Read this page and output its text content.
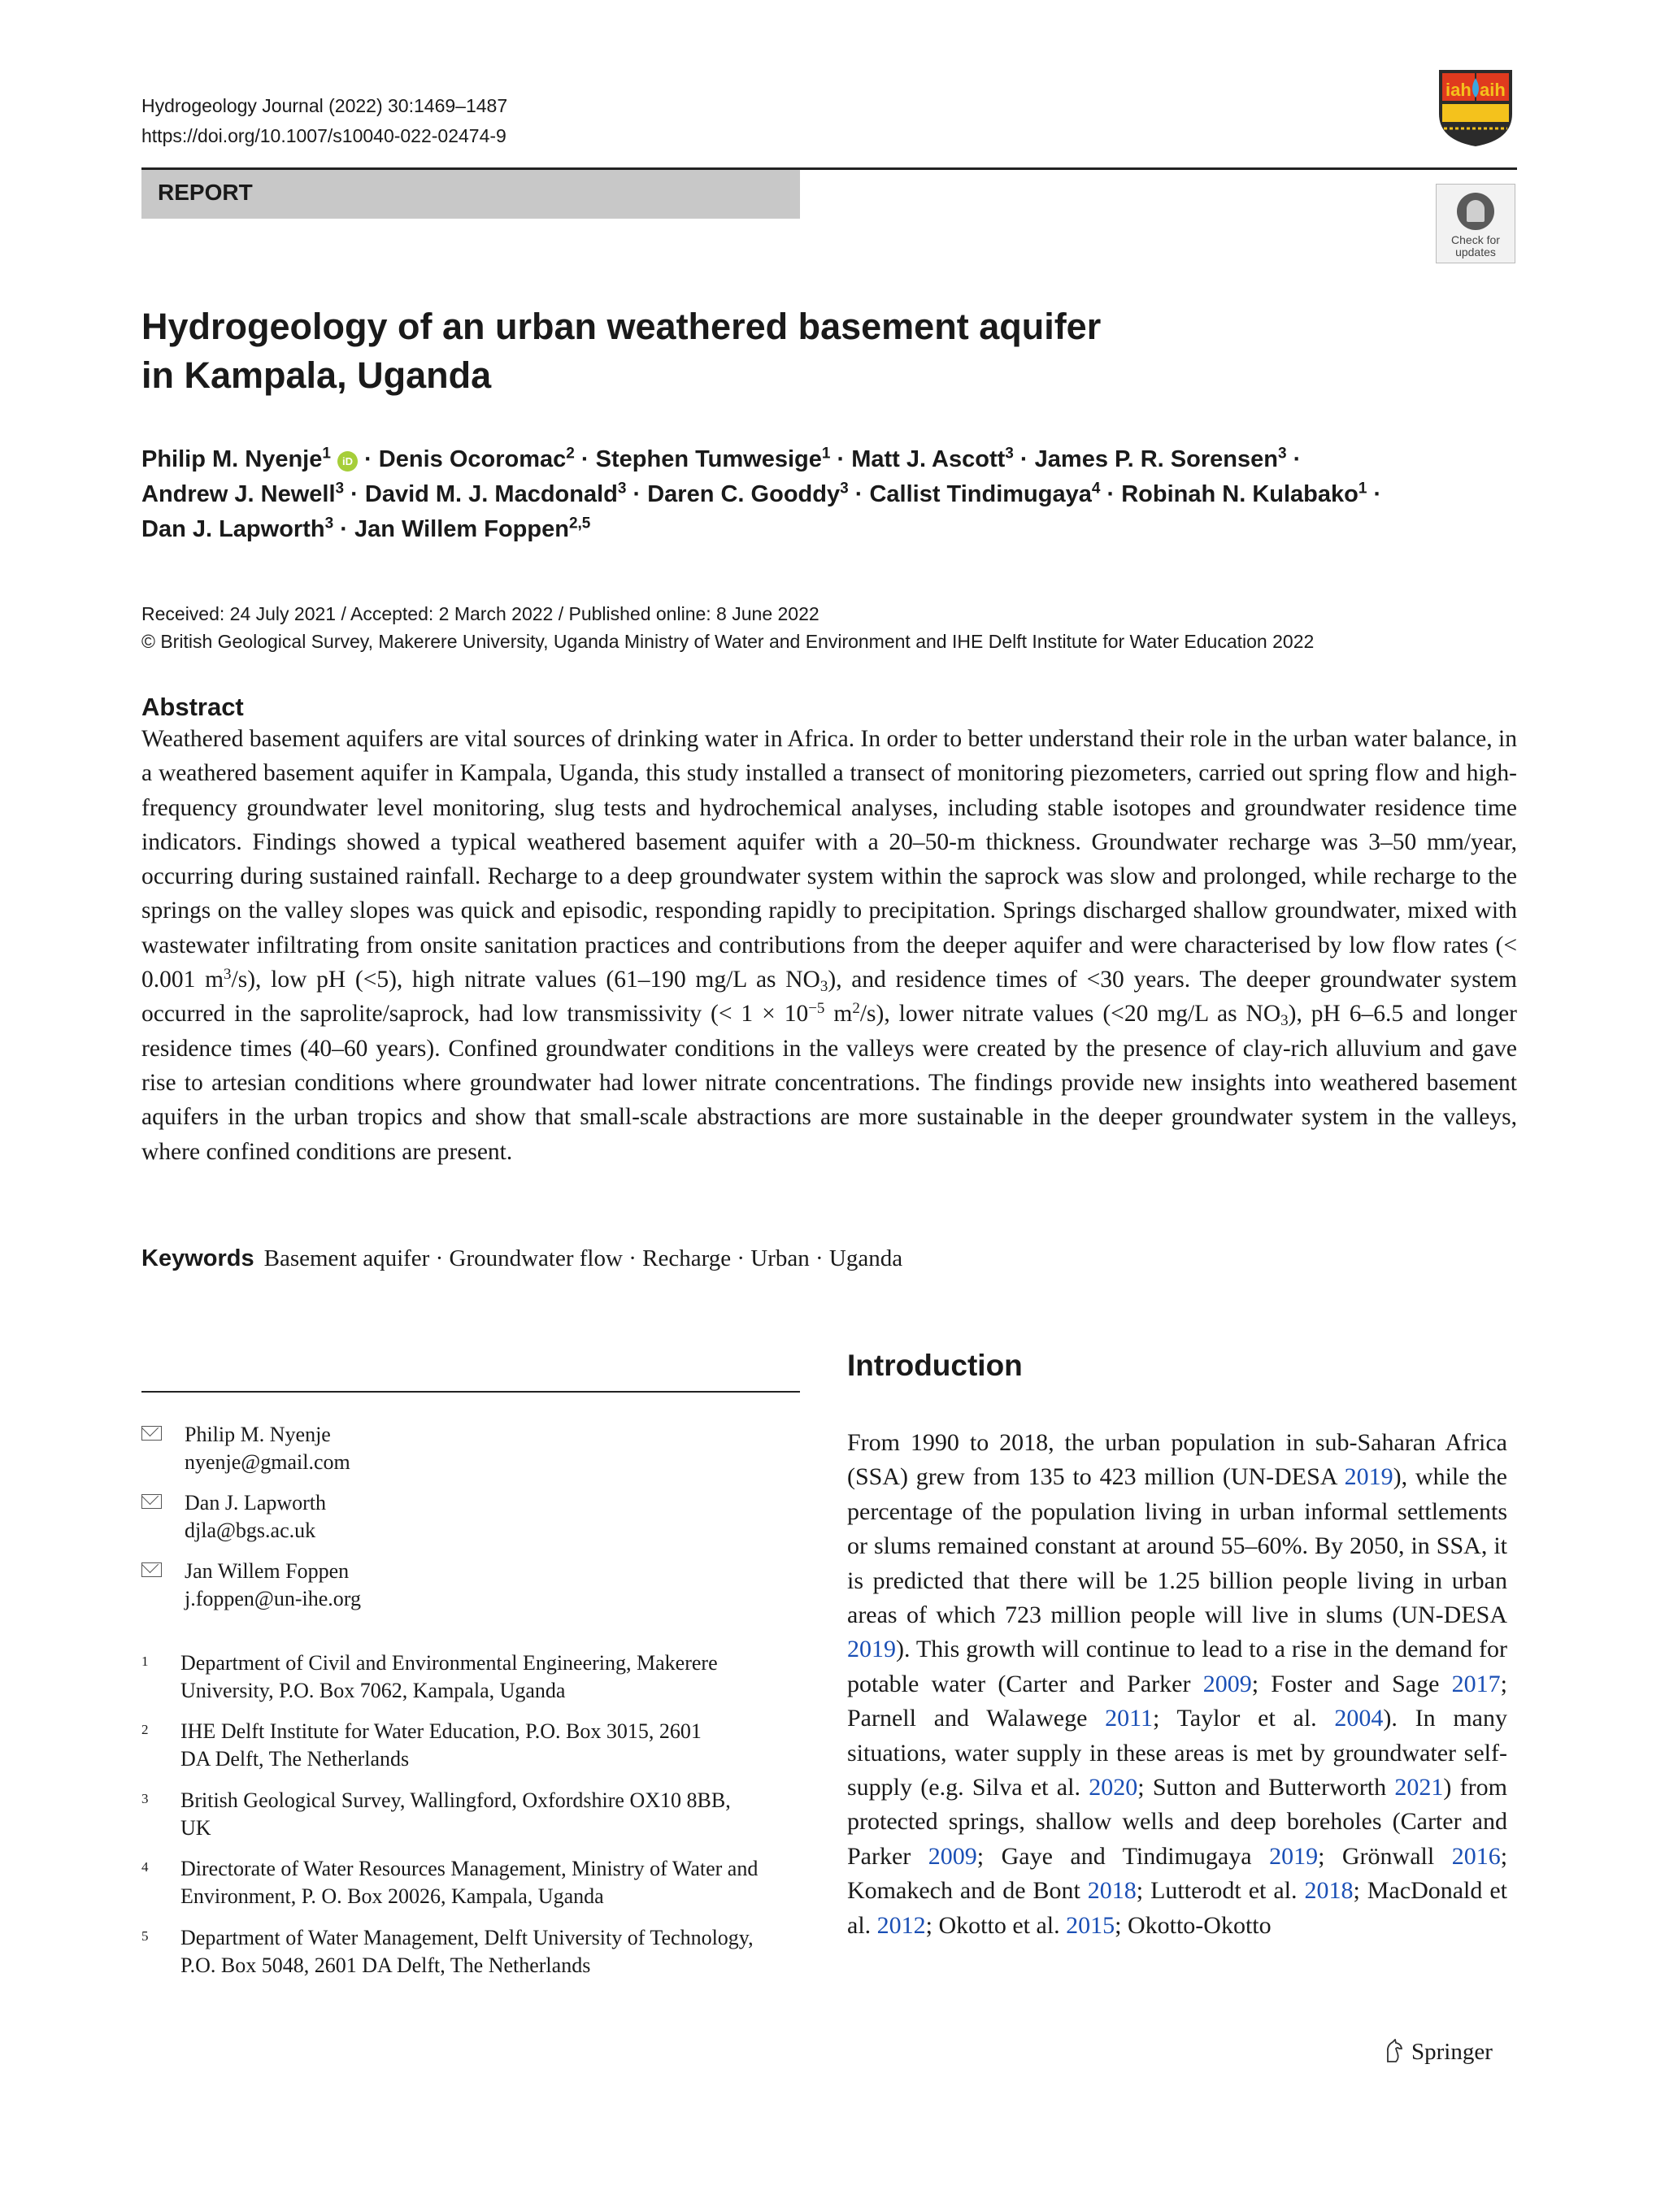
Hydrogeology Journal (2022) 30:1469–1487
https://doi.org/10.1007/s10040-022-02474-9
iah aih
REPORT
Check for updates
Hydrogeology of an urban weathered basement aquifer
in Kampala, Uganda
Philip M. Nyenje$^1$ iD · Denis Ocoromac$^2$ · Stephen Tumwesige$^1$ · Matt J. Ascott$^3$ · James P. R. Sorensen$^3$ ·
Andrew J. Newell$^3$ · David M. J. Macdonald$^3$ · Daren C. Gooddy$^3$ · Callist Tindimugaya$^4$ · Robinah N. Kulabako$^1$ ·
Dan J. Lapworth$^3$ · Jan Willem Foppen$^{2,5}$
Received: 24 July 2021 / Accepted: 2 March 2022 / Published online: 8 June 2022
© British Geological Survey, Makerere University, Uganda Ministry of Water and Environment and IHE Delft Institute for Water Education 2022
Abstract

Weathered basement aquifers are vital sources of drinking water in Africa. In order to better understand their role in the urban water balance, in a weathered basement aquifer in Kampala, Uganda, this study installed a transect of monitoring piezometers, carried out spring flow and high-frequency groundwater level monitoring, slug tests and hydrochemical analyses, including stable isotopes and groundwater residence time indicators. Findings showed a typical weathered basement aquifer with a 20–50-m thickness. Groundwater recharge was 3–50 mm/year, occurring during sustained rainfall. Recharge to a deep groundwater system within the saprock was slow and prolonged, while recharge to the springs on the valley slopes was quick and episodic, responding rapidly to precipitation. Springs discharged shallow groundwater, mixed with wastewater infiltrating from onsite sanitation practices and contributions from the deeper aquifer and were characterised by low flow rates (< 0.001 $m^3/s$), low pH (<5), high nitrate values (61–190 mg/L as $NO_3$), and residence times of <30 years. The deeper groundwater system occurred in the saprolite/saprock, had low transmissivity (< $1 \times 10^{-5}$ $m^2/s$), lower nitrate values (<20 mg/L as $NO_3$), pH 6–6.5 and longer residence times (40–60 years). Confined groundwater conditions in the valleys were created by the presence of clay-rich alluvium and gave rise to artesian conditions where groundwater had lower nitrate concentrations. The findings provide new insights into weathered basement aquifers in the urban tropics and show that small-scale abstractions are more sustainable in the deeper groundwater system in the valleys, where confined conditions are present.

Keywords Basement aquifer · Groundwater flow · Recharge · Urban · Uganda
Philip M. Nyenje
nyenje@gmail.com
Dan J. Lapworth
djla@bgs.ac.uk
Jan Willem Foppen
j.foppen@un-ihe.org
1 Department of Civil and Environmental Engineering, Makerere
University, P.O. Box 7062, Kampala, Uganda
2 IHE Delft Institute for Water Education, P.O. Box 3015, 2601
DA Delft, The Netherlands
3 British Geological Survey, Wallingford, Oxfordshire OX10 8BB,
UK
4 Directorate of Water Resources Management, Ministry of Water and
Environment, P. O. Box 20026, Kampala, Uganda
5 Department of Water Management, Delft University of Technology,
P.O. Box 5048, 2601 DA Delft, The Netherlands
Introduction

From 1990 to 2018, the urban population in sub-Saharan Africa (SSA) grew from 135 to 423 million (UN-DESA 2019), while the percentage of the population living in urban informal settlements or slums remained constant at around 55–60%. By 2050, in SSA, it is predicted that there will be 1.25 billion people living in urban areas of which 723 million people will live in slums (UN-DESA 2019). This growth will continue to lead to a rise in the demand for potable water (Carter and Parker 2009; Foster and Sage 2017; Parnell and Walawege 2011; Taylor et al. 2004). In many situations, water supply in these areas is met by groundwater self-supply (e.g. Silva et al. 2020; Sutton and Butterworth 2021) from protected springs, shallow wells and deep boreholes (Carter and Parker 2009; Gaye and Tindimugaya 2019; Grönwall 2016; Komakech and de Bont 2018; Lutterodt et al. 2018; MacDonald et al. 2012; Okotto et al. 2015; Okotto-Okotto

Springer
